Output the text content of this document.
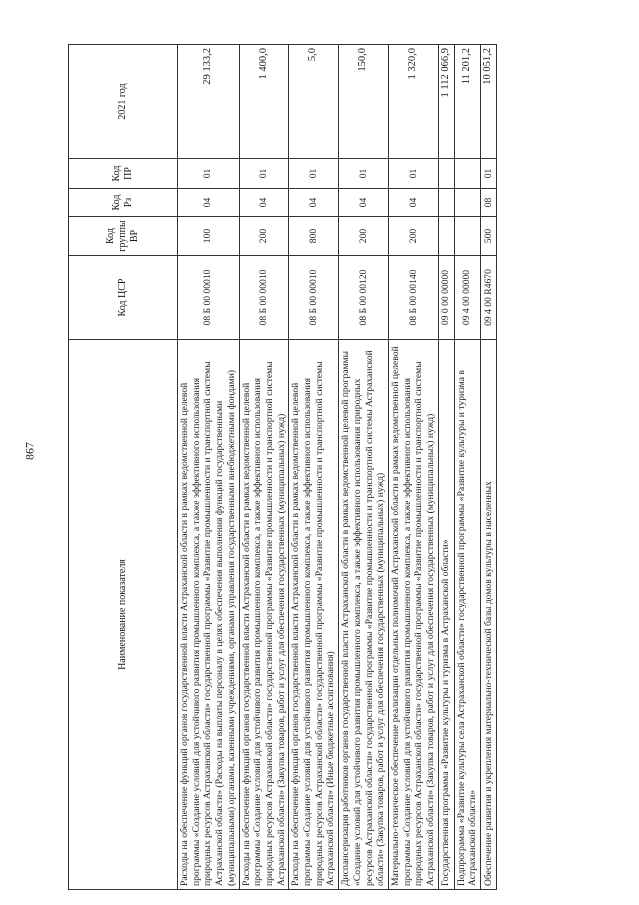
867
Наименование показателя	Код ЦСР	Код группы ВР	Код Рз	Код ПР	2021 год
Расходы на обеспечение функций органов государственной власти Астраханской области в рамках ведомственной целевой программы «Создание условий для устойчивого развития промышленного комплекса, а также эффективного использования природных ресурсов Астраханской области» государственной программы «Развитие промышленности и транспортной системы Астраханской области» (Расходы на выплаты персоналу в целях обеспечения выполнения функций государственными (муниципальными) органами, казенными учреждениями, органами управления государственными внебюджетными фондами)	08 Б 00 00010	100	04	01	29 133,2
Расходы на обеспечение функций органов государственной власти Астраханской области в рамках ведомственной целевой программы «Создание условий для устойчивого развития промышленного комплекса, а также эффективного использования природных ресурсов Астраханской области» государственной программы «Развитие промышленности и транспортной системы Астраханской области» (Закупка товаров, работ и услуг для обеспечения государственных (муниципальных) нужд)	08 Б 00 00010	200	04	01	1 400,0
Расходы на обеспечение функций органов государственной власти Астраханской области в рамках ведомственной целевой программы «Создание условий для устойчивого развития промышленного комплекса, а также эффективного использования природных ресурсов Астраханской области» государственной программы «Развитие промышленности и транспортной системы Астраханской области» (Иные бюджетные ассигнования)	08 Б 00 00010	800	04	01	5,0
Диспансеризация работников органов государственной власти Астраханской области в рамках ведомственной целевой программы «Создание условий для устойчивого развития промышленного комплекса, а также эффективного использования природных ресурсов Астраханской области» государственной программы «Развитие промышленности и транспортной системы Астраханской области» (Закупка товаров, работ и услуг для обеспечения государственных (муниципальных) нужд)	08 Б 00 00120	200	04	01	150,0
Материально-техническое обеспечение реализации отдельных полномочий Астраханской области в рамках ведомственной целевой программы «Создание условий для устойчивого развития промышленного комплекса, а также эффективного использования природных ресурсов Астраханской области» государственной программы «Развитие промышленности и транспортной системы Астраханской области» (Закупка товаров, работ и услуг для обеспечения государственных (муниципальных) нужд)	08 Б 00 00140	200	04	01	1 320,0
Государственная программа «Развитие культуры и туризма в Астраханской области»	09 0 00 00000				1 112 066,9
Подпрограмма «Развитие культуры села Астраханской области» государственной программы «Развитие культуры и туризма в Астраханской области»	09 4 00 00000				11 201,2
Обеспечение развития и укрепления материально-технической базы домов культуры в населенных	09 4 00 R4670	500	08	01	10 051,2
